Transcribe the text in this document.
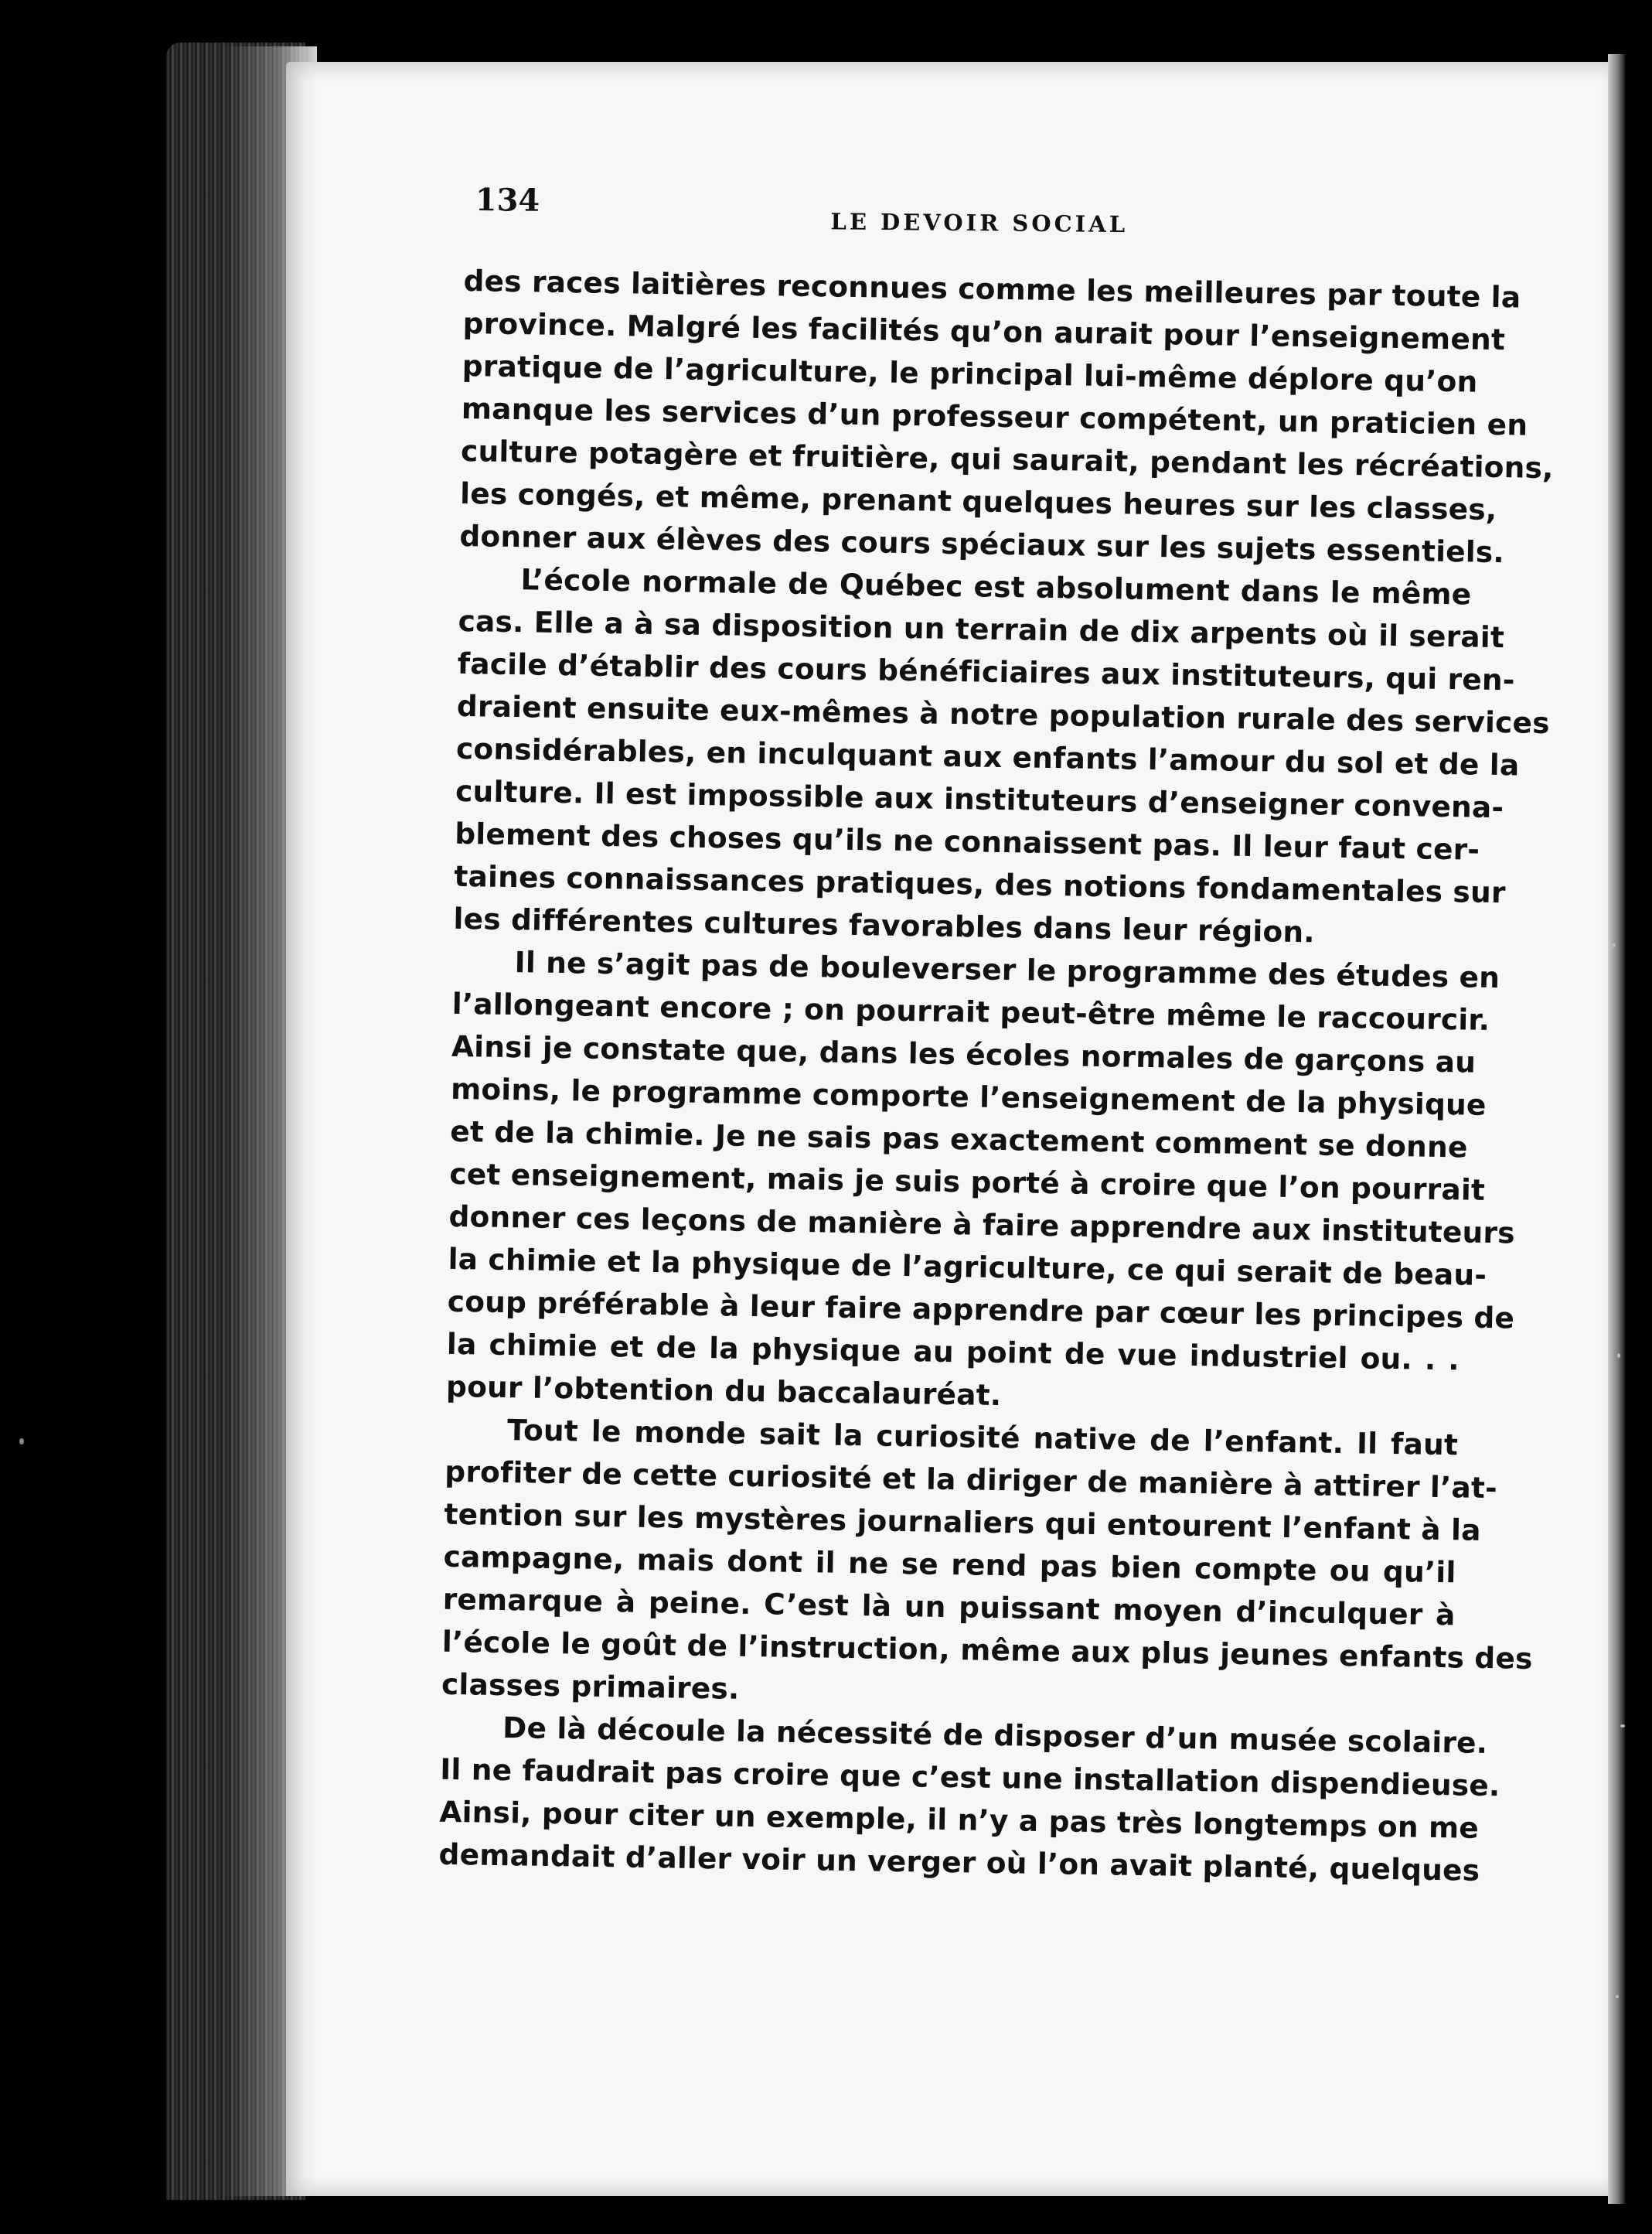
134
LE DEVOIR SOCIAL
des races laitières reconnues comme les meilleures par toute la
province. Malgré les facilités qu’on aurait pour l’enseignement
pratique de l’agriculture, le principal lui-même déplore qu’on
manque les services d’un professeur compétent, un praticien en
culture potagère et fruitière, qui saurait, pendant les récréations,
les congés, et même, prenant quelques heures sur les classes,
donner aux élèves des cours spéciaux sur les sujets essentiels.
L’école normale de Québec est absolument dans le même
cas. Elle a à sa disposition un terrain de dix arpents où il serait
facile d’établir des cours bénéficiaires aux instituteurs, qui ren-
draient ensuite eux-mêmes à notre population rurale des services
considérables, en inculquant aux enfants l’amour du sol et de la
culture. Il est impossible aux instituteurs d’enseigner convena-
blement des choses qu’ils ne connaissent pas. Il leur faut cer-
taines connaissances pratiques, des notions fondamentales sur
les différentes cultures favorables dans leur région.
Il ne s’agit pas de bouleverser le programme des études en
l’allongeant encore ; on pourrait peut-être même le raccourcir.
Ainsi je constate que, dans les écoles normales de garçons au
moins, le programme comporte l’enseignement de la physique
et de la chimie. Je ne sais pas exactement comment se donne
cet enseignement, mais je suis porté à croire que l’on pourrait
donner ces leçons de manière à faire apprendre aux instituteurs
la chimie et la physique de l’agriculture, ce qui serait de beau-
coup préférable à leur faire apprendre par cœur les principes de
la chimie et de la physique au point de vue industriel ou. . .
pour l’obtention du baccalauréat.
Tout le monde sait la curiosité native de l’enfant. Il faut
profiter de cette curiosité et la diriger de manière à attirer l’at-
tention sur les mystères journaliers qui entourent l’enfant à la
campagne, mais dont il ne se rend pas bien compte ou qu’il
remarque à peine. C’est là un puissant moyen d’inculquer à
l’école le goût de l’instruction, même aux plus jeunes enfants des
classes primaires.
De là découle la nécessité de disposer d’un musée scolaire.
Il ne faudrait pas croire que c’est une installation dispendieuse.
Ainsi, pour citer un exemple, il n’y a pas très longtemps on me
demandait d’aller voir un verger où l’on avait planté, quelques
